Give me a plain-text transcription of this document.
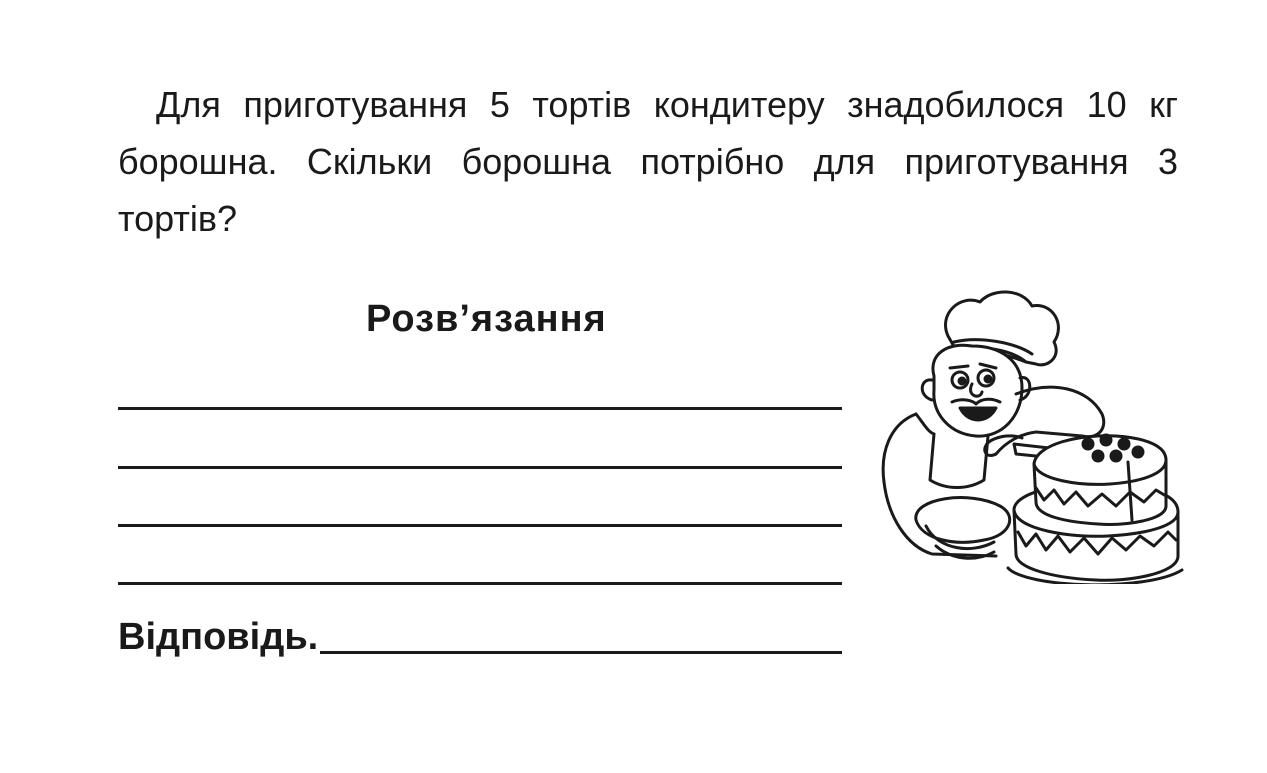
Для приготування 5 тортів кондитеру знадобилося 10 кг борошна. Скільки борошна потрібно для приготування 3 тортів?

Розв’язання
Відповідь.
